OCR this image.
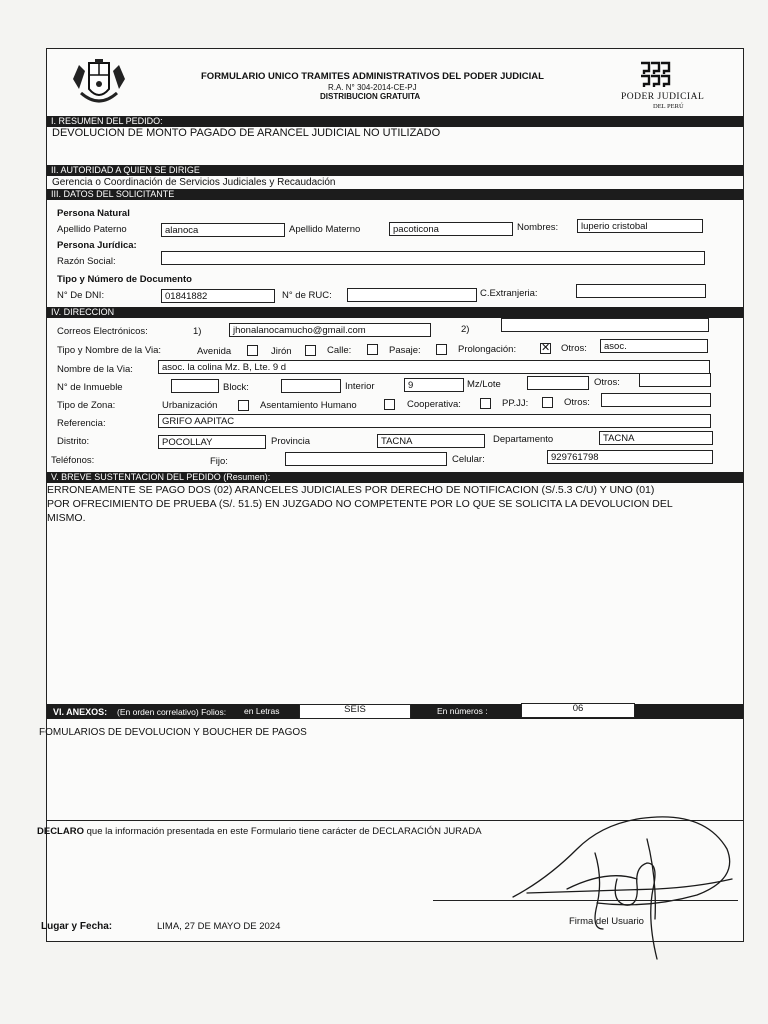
FORMULARIO UNICO TRAMITES ADMINISTRATIVOS DEL PODER JUDICIAL
R.A. N° 304-2014-CE-PJ
DISTRIBUCION GRATUITA	PODER JUDICIAL
DEL PERÚ
I. RESUMEN DEL PEDIDO:
DEVOLUCION DE MONTO PAGADO DE ARANCEL JUDICIAL NO UTILIZADO
II. AUTORIDAD A QUIEN SE DIRIGE
Gerencia o Coordinación de Servicios Judiciales y Recaudación
III. DATOS DEL SOLICITANTE
Persona Natural
Apellido Paterno	alanoca	Apellido Materno	pacoticona	Nombres:	luperio cristobal
Persona Jurídica:
Razón Social:
Tipo y Número de Documento
N° De DNI:	01841882	N° de RUC:	C.Extranjeria:
IV. DIRECCION
Correos Electrónicos:	1)	jhonalanocamucho@gmail.com	2)
Tipo y Nombre de la Via:	Avenida	Jirón	Calle:	Pasaje:	Prolongación: ✕ Otros:	asoc.
Nombre de la Via:	asoc. la colina Mz. B, Lte. 9 d
N° de Inmueble	Block:	Interior	9	Mz/Lote	Otros:
Tipo de Zona:	Urbanización	Asentamiento Humano	Cooperativa:	PP.JJ:	Otros:
Referencia:	GRIFO AAPITAC
Distrito:	POCOLLAY	Provincia	TACNA	Departamento	TACNA
Teléfonos:	Fijo:	Celular:	929761798
V. BREVE SUSTENTACION DEL PEDIDO (Resumen):
ERRONEAMENTE SE PAGO DOS (02) ARANCELES JUDICIALES POR DERECHO DE NOTIFICACION (S/.5.3 C/U) Y UNO (01)
POR OFRECIMIENTO DE PRUEBA (S/. 51.5) EN JUZGADO NO COMPETENTE POR LO QUE SE SOLICITA LA DEVOLUCION DEL
MISMO.
VI. ANEXOS: (En orden correlativo) Folios: en Letras	SEIS	En números :	06
FOMULARIOS DE DEVOLUCION Y BOUCHER DE PAGOS
DECLARO que la información presentada en este Formulario tiene carácter de DECLARACIÓN JURADA
Firma del Usuario
Lugar y Fecha:	LIMA, 27 DE MAYO DE 2024
